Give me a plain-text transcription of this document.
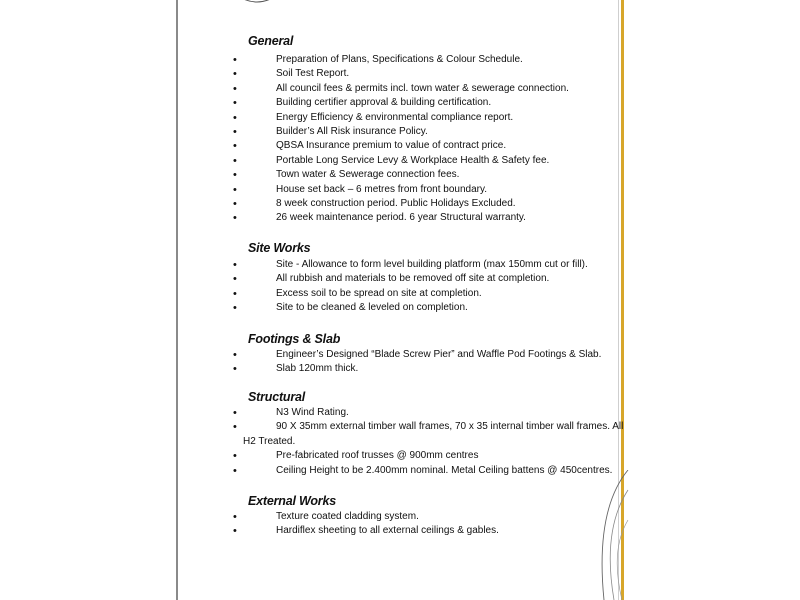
General
•	Preparation of Plans, Specifications & Colour Schedule.
•	Soil Test Report.
•	All council fees & permits incl. town water & sewerage connection.
•	Building certifier approval & building certification.
•	Energy Efficiency & environmental compliance report.
•	Builder’s All Risk insurance Policy.
•	QBSA Insurance premium to value of contract price.
•	Portable Long Service Levy & Workplace Health & Safety fee.
•	Town water & Sewerage connection fees.
•	House set back – 6 metres from front boundary.
•	8 week construction period. Public Holidays Excluded.
•	26 week maintenance period. 6 year Structural warranty.
Site Works
•	Site - Allowance to form level building platform (max 150mm cut or fill).
•	All rubbish and materials to be removed off site at completion.
•	Excess soil to be spread on site at completion.
•	Site to be cleaned & leveled on completion.
Footings & Slab
•	Engineer’s Designed “Blade Screw Pier” and Waffle Pod Footings & Slab.
•	Slab 120mm thick.
Structural
•	N3 Wind Rating.
•	90 X 35mm external timber wall frames, 70 x 35 internal timber wall frames. All
H2 Treated.
•	Pre-fabricated roof trusses @ 900mm centres
•	Ceiling Height to be 2.400mm nominal. Metal Ceiling battens @ 450centres.
External Works
•	Texture coated cladding system.
•	Hardiflex sheeting to all external ceilings & gables.
